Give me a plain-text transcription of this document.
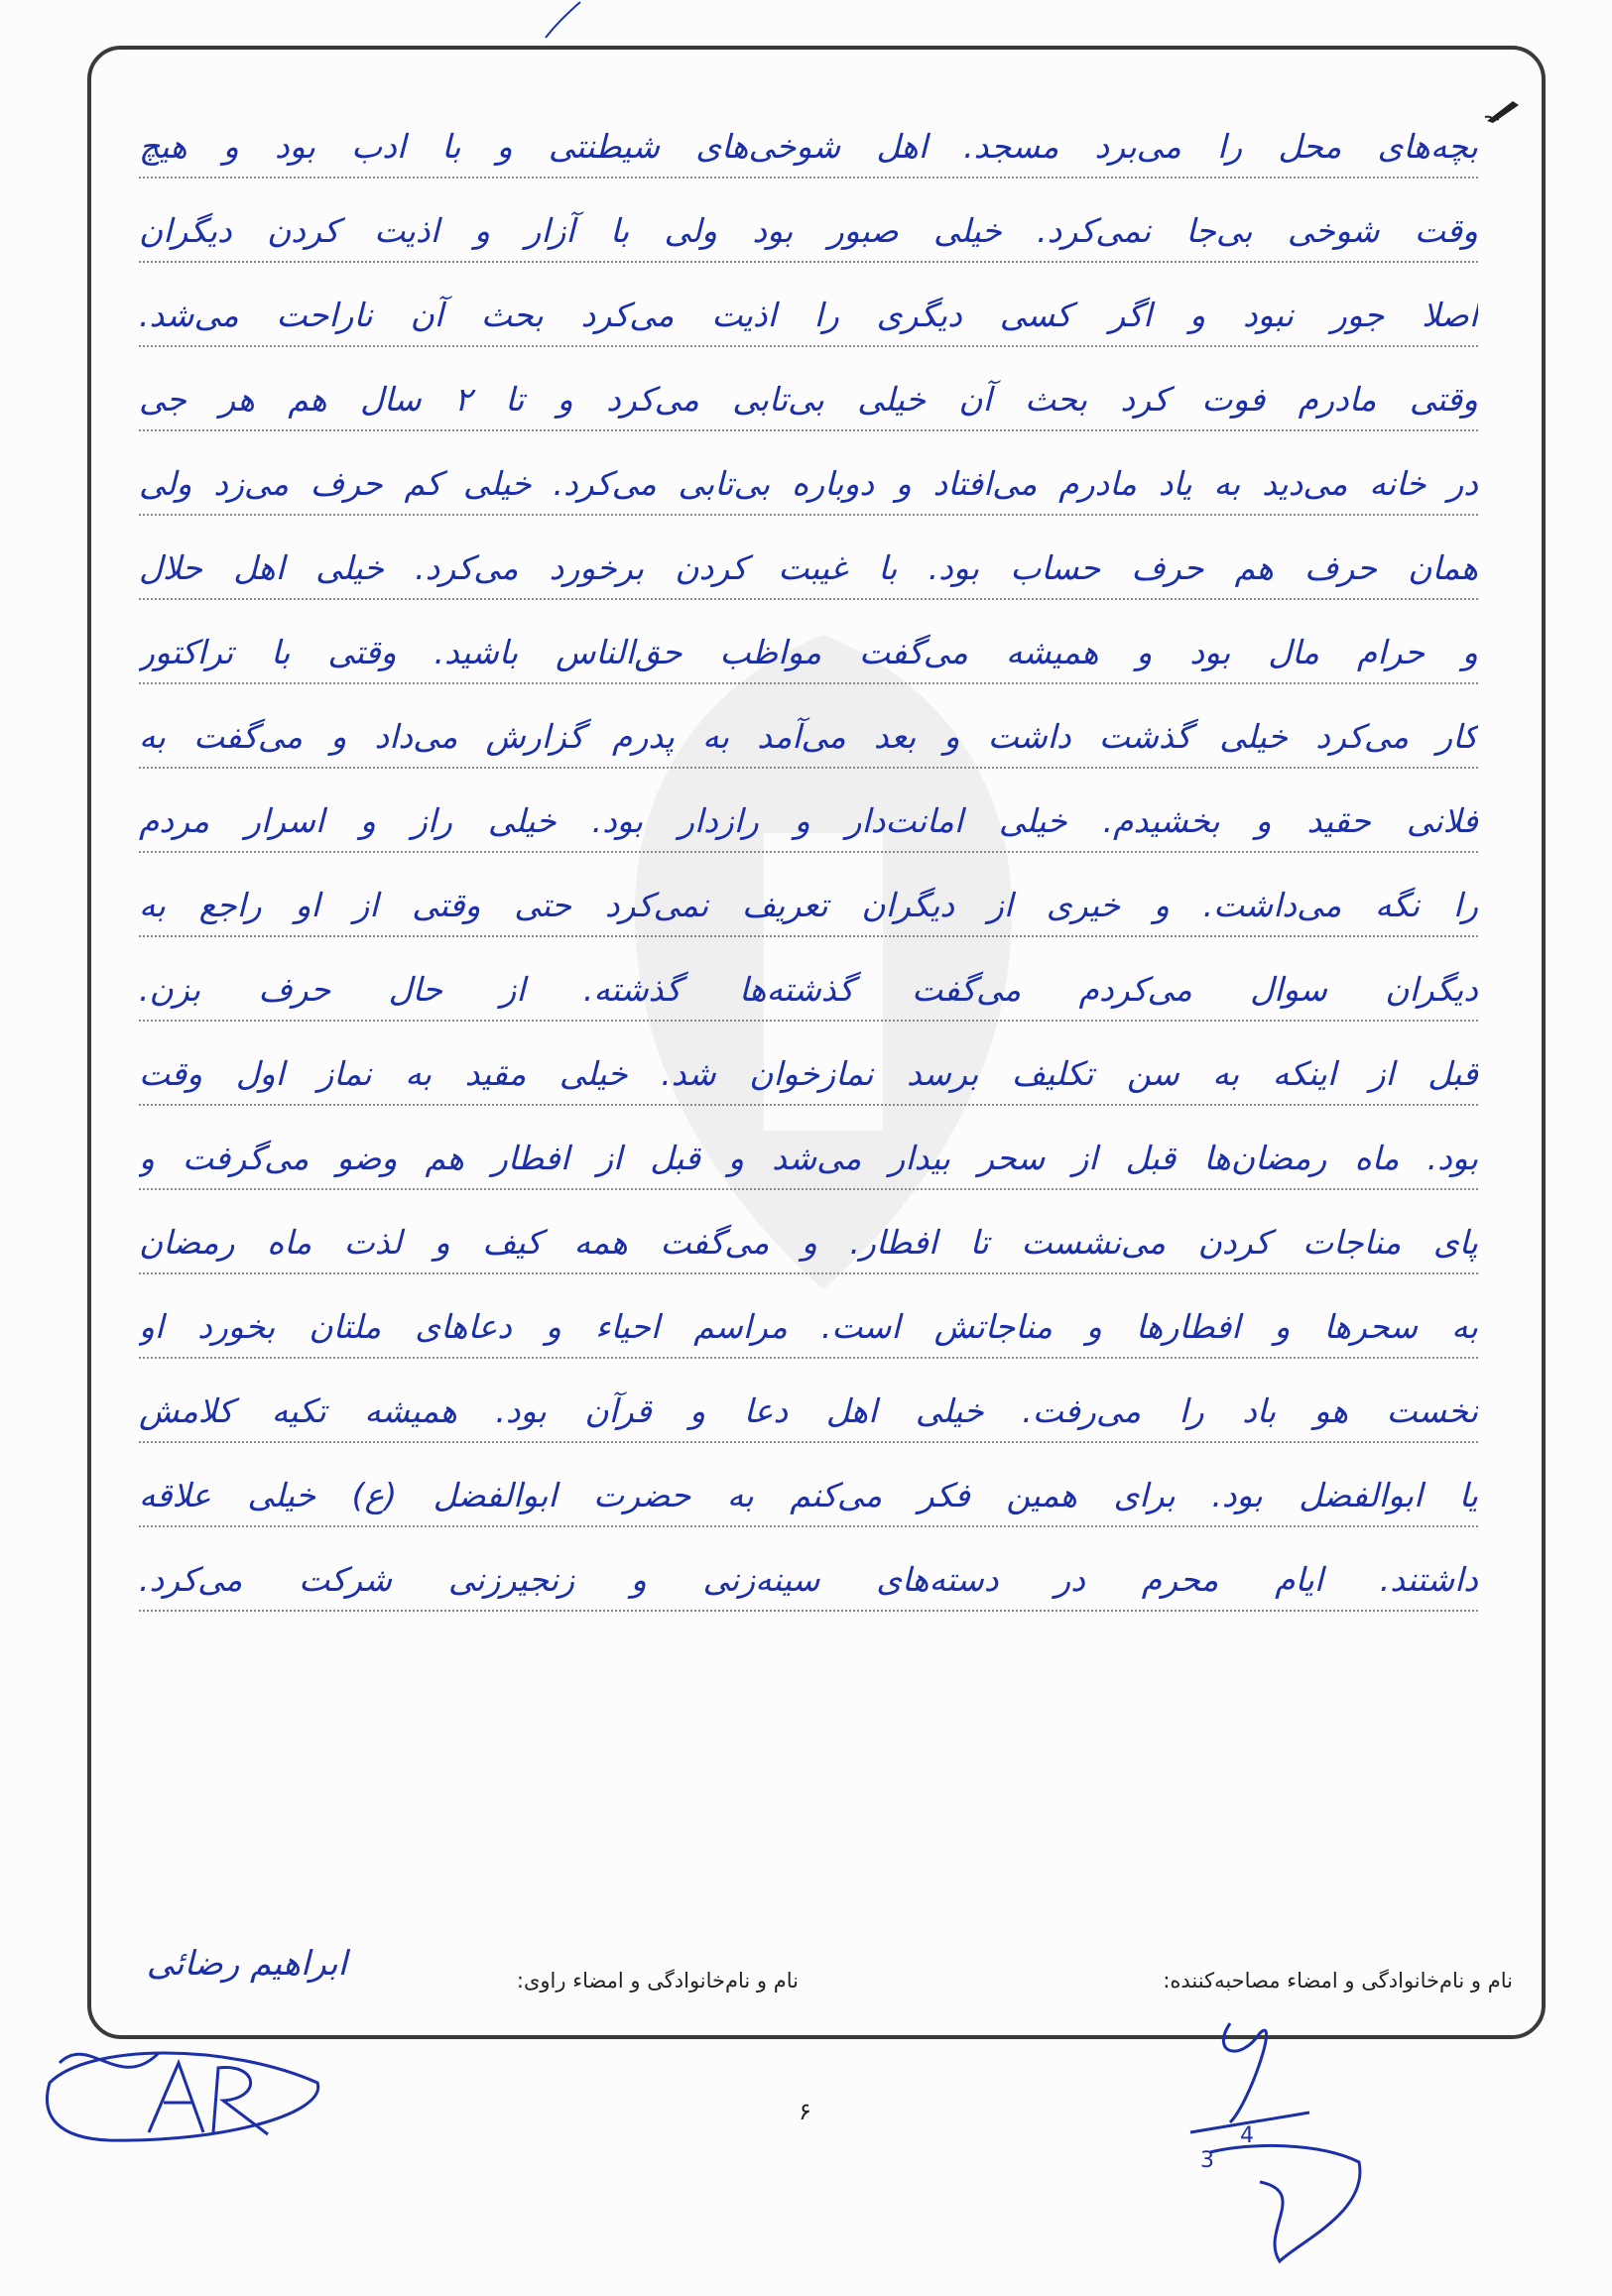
بچه‌های محل را می‌برد مسجد. اهل شوخی‌های شیطنتی و با ادب بود و هیچ
وقت شوخی بی‌جا نمی‌کرد. خیلی صبور بود ولی با آزار و اذیت کردن دیگران
اصلا جور نبود و اگر کسی دیگری را اذیت می‌کرد بحث آن ناراحت می‌شد.
وقتی مادرم فوت کرد بحث آن خیلی بی‌تابی می‌کرد و تا ۲ سال هم هر جی
در خانه می‌دید به یاد مادرم می‌افتاد و دوباره بی‌تابی می‌کرد. خیلی کم حرف می‌زد ولی
همان حرف هم حرف حساب بود. با غیبت کردن برخورد می‌کرد. خیلی اهل حلال
و حرام مال بود و همیشه می‌گفت مواظب حق‌الناس باشید. وقتی با تراکتور
کار می‌کرد خیلی گذشت داشت و بعد می‌آمد به پدرم گزارش می‌داد و می‌گفت به
فلانی حقید و بخشیدم. خیلی امانت‌دار و رازدار بود. خیلی راز و اسرار مردم
را نگه می‌داشت. و خیری از دیگران تعریف نمی‌کرد حتی وقتی از او راجع به
دیگران سوال می‌کردم می‌گفت گذشته‌ها گذشته. از حال حرف بزن.
قبل از اینکه به سن تکلیف برسد نمازخوان شد. خیلی مقید به نماز اول وقت
بود. ماه رمضان‌ها قبل از سحر بیدار می‌شد و قبل از افطار هم وضو می‌گرفت و
پای مناجات کردن می‌نشست تا افطار. و می‌گفت همه کیف و لذت ماه رمضان
به سحرها و افطارها و مناجاتش است. مراسم احیاء و دعاهای ملتان بخورد او
نخست هو باد را می‌رفت. خیلی اهل دعا و قرآن بود. همیشه تکیه کلامش
یا ابوالفضل بود. برای همین فکر می‌کنم به حضرت ابوالفضل (ع) خیلی علاقه
داشتند. ایام محرم در دسته‌های سینه‌زنی و زنجیرزنی شرکت می‌کرد.
نام و نام‌خانوادگی و امضاء مصاحبه‌کننده:
نام و نام‌خانوادگی و امضاء راوی:
ابراهیم رضائی
3
4
۶
